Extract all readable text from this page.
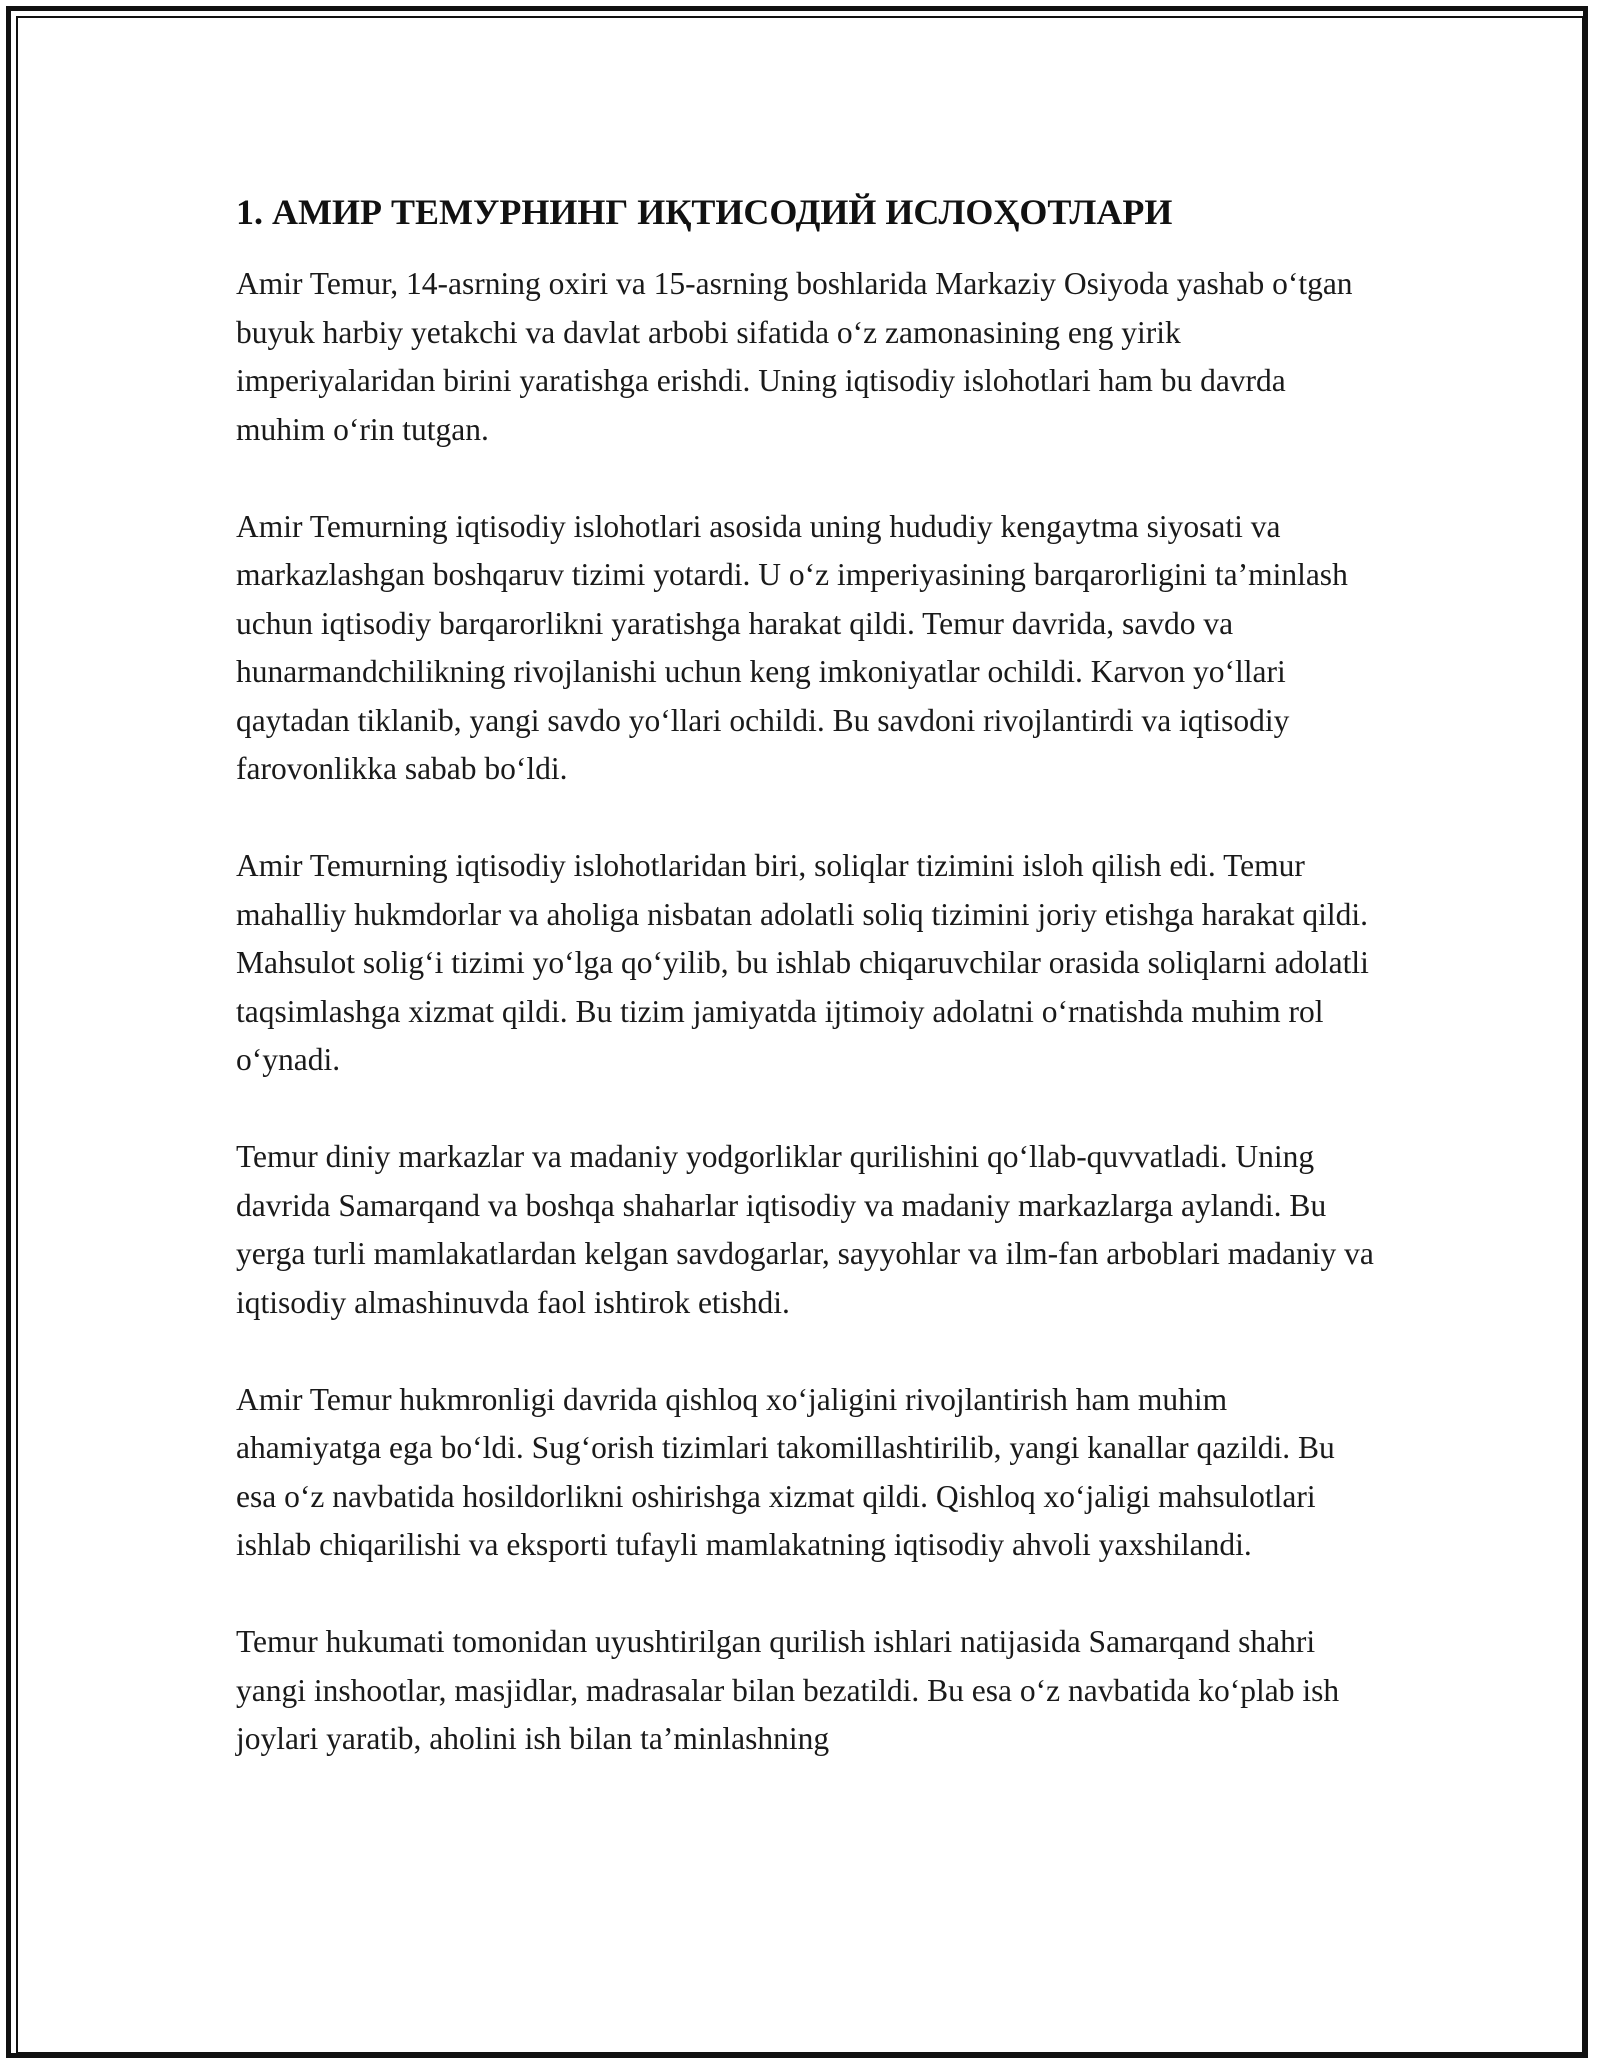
1. АМИР ТЕМУРНИНГ ИҚТИСОДИЙ ИСЛОҲОТЛАРИ

Amir Temur, 14-asrning oxiri va 15-asrning boshlarida Markaziy Osiyoda yashab o‘tgan buyuk harbiy yetakchi va davlat arbobi sifatida o‘z zamonasining eng yirik imperiyalaridan birini yaratishga erishdi. Uning iqtisodiy islohotlari ham bu davrda muhim o‘rin tutgan.

Amir Temurning iqtisodiy islohotlari asosida uning hududiy kengaytma siyosati va markazlashgan boshqaruv tizimi yotardi. U o‘z imperiyasining barqarorligini ta’minlash uchun iqtisodiy barqarorlikni yaratishga harakat qildi. Temur davrida, savdo va hunarmandchilikning rivojlanishi uchun keng imkoniyatlar ochildi. Karvon yo‘llari qaytadan tiklanib, yangi savdo yo‘llari ochildi. Bu savdoni rivojlantirdi va iqtisodiy farovonlikka sabab bo‘ldi.

Amir Temurning iqtisodiy islohotlaridan biri, soliqlar tizimini isloh qilish edi. Temur mahalliy hukmdorlar va aholiga nisbatan adolatli soliq tizimini joriy etishga harakat qildi. Mahsulot solig‘i tizimi yo‘lga qo‘yilib, bu ishlab chiqaruvchilar orasida soliqlarni adolatli taqsimlashga xizmat qildi. Bu tizim jamiyatda ijtimoiy adolatni o‘rnatishda muhim rol o‘ynadi.

Temur diniy markazlar va madaniy yodgorliklar qurilishini qo‘llab-quvvatladi. Uning davrida Samarqand va boshqa shaharlar iqtisodiy va madaniy markazlarga aylandi. Bu yerga turli mamlakatlardan kelgan savdogarlar, sayyohlar va ilm-fan arboblari madaniy va iqtisodiy almashinuvda faol ishtirok etishdi.

Amir Temur hukmronligi davrida qishloq xo‘jaligini rivojlantirish ham muhim ahamiyatga ega bo‘ldi. Sug‘orish tizimlari takomillashtirilib, yangi kanallar qazildi. Bu esa o‘z navbatida hosildorlikni oshirishga xizmat qildi. Qishloq xo‘jaligi mahsulotlari ishlab chiqarilishi va eksporti tufayli mamlakatning iqtisodiy ahvoli yaxshilandi.

Temur hukumati tomonidan uyushtirilgan qurilish ishlari natijasida Samarqand shahri yangi inshootlar, masjidlar, madrasalar bilan bezatildi. Bu esa o‘z navbatida ko‘plab ish joylari yaratib, aholini ish bilan ta’minlashning
